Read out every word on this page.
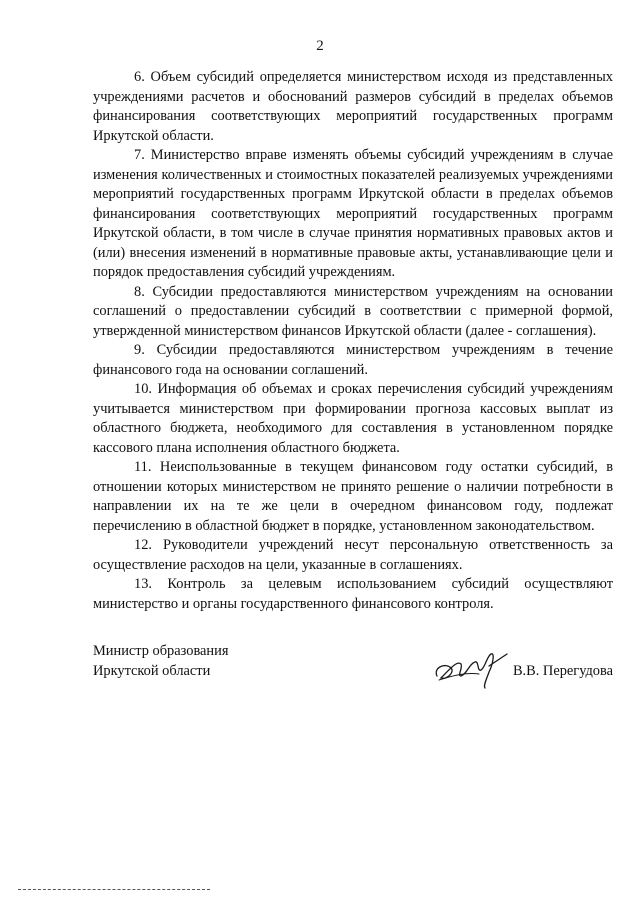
2

6. Объем субсидий определяется министерством исходя из представленных учреждениями расчетов и обоснований размеров субсидий в пределах объемов финансирования соответствующих мероприятий государственных программ Иркутской области.

7. Министерство вправе изменять объемы субсидий учреждениям в случае изменения количественных и стоимостных показателей реализуемых учреждениями мероприятий государственных программ Иркутской области в пределах объемов финансирования соответствующих мероприятий государственных программ Иркутской области, в том числе в случае принятия нормативных правовых актов и (или) внесения изменений в нормативные правовые акты, устанавливающие цели и порядок предоставления субсидий учреждениям.

8. Субсидии предоставляются министерством учреждениям на основании соглашений о предоставлении субсидий в соответствии с примерной формой, утвержденной министерством финансов Иркутской области (далее - соглашения).

9. Субсидии предоставляются министерством учреждениям в течение финансового года на основании соглашений.

10. Информация об объемах и сроках перечисления субсидий учреждениям учитывается министерством при формировании прогноза кассовых выплат из областного бюджета, необходимого для составления в установленном порядке кассового плана исполнения областного бюджета.

11. Неиспользованные в текущем финансовом году остатки субсидий, в отношении которых министерством не принято решение о наличии потребности в направлении их на те же цели в очередном финансовом году, подлежат перечислению в областной бюджет в порядке, установленном законодательством.

12. Руководители учреждений несут персональную ответственность за осуществление расходов на цели, указанные в соглашениях.

13. Контроль за целевым использованием субсидий осуществляют министерство и органы государственного финансового контроля.

Министр образования
Иркутской области	В.В. Перегудова
